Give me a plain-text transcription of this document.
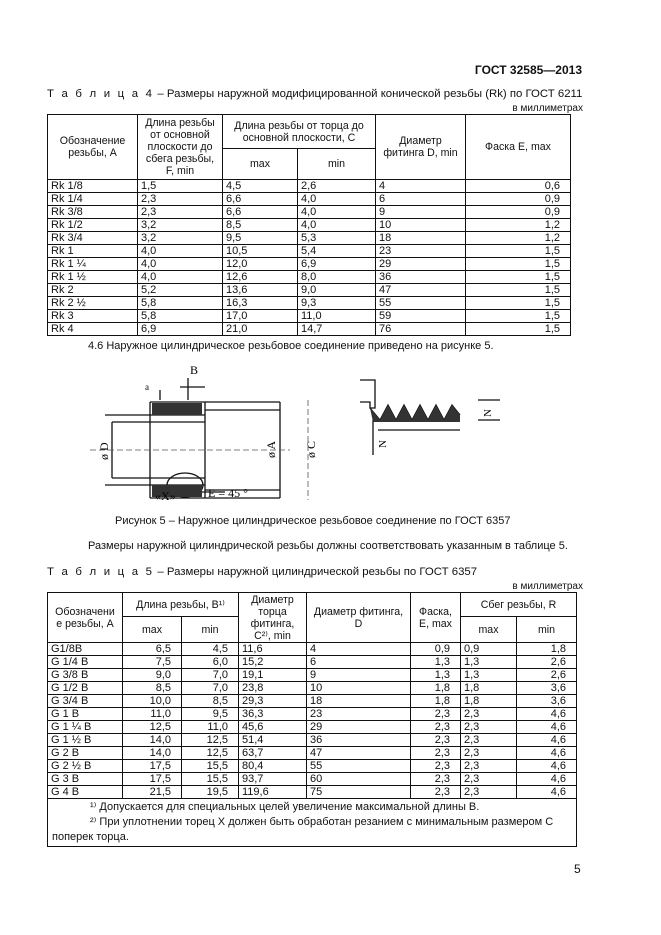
ГОСТ 32585—2013
Т а б л и ц а 4 – Размеры наружной модифицированной конической резьбы (Rk) по ГОСТ 6211
в миллиметрах
Обозначение резьбы, A	Длина резьбы от основной плоскости до сбега резьбы, F, min	Длина резьбы от торца до основной плоскости, C		Диаметр фитинга D, min	Фаска E, max
		max	min		
Rk 1/8	1,5	4,5	2,6	4	0,6
Rk 1/4	2,3	6,6	4,0	6	0,9
Rk 3/8	2,3	6,6	4,0	9	0,9
Rk 1/2	3,2	8,5	4,0	10	1,2
Rk 3/4	3,2	9,5	5,3	18	1,2
Rk 1	4,0	10,5	5,4	23	1,5
Rk 1 ¼	4,0	12,0	6,9	29	1,5
Rk 1 ½	4,0	12,6	8,0	36	1,5
Rk 2	5,2	13,6	9,0	47	1,5
Rk 2 ½	5,8	16,3	9,3	55	1,5
Rk 3	5,8	17,0	11,0	59	1,5
Rk 4	6,9	21,0	14,7	76	1,5
4.6 Наружное цилиндрическое резьбовое соединение приведено на рисунке 5.
B
a
ø D	ø A ø C
«X»	E = 45 °
N
N
Рисунок 5 – Наружное цилиндрическое резьбовое соединение по ГОСТ 6357
Размеры наружной цилиндрической резьбы должны соответствовать указанным в таблице 5.
Т а б л и ц а 5 – Размеры наружной цилиндрической резьбы по ГОСТ 6357
в миллиметрах
Обозначени е резьбы, A	Длина резьбы, B¹⁾		Диаметр торца фитинга, C²⁾, min	Диаметр фитинга, D	Фаска, E, max	Сбег резьбы, R	
	max	min				max	min
G1/8B	6,5	4,5	11,6	4	0,9	0,9	1,8
G 1/4 B	7,5	6,0	15,2	6	1,3	1,3	2,6
G 3/8 B	9,0	7,0	19,1	9	1,3	1,3	2,6
G 1/2 B	8,5	7,0	23,8	10	1,8	1,8	3,6
G 3/4 B	10,0	8,5	29,3	18	1,8	1,8	3,6
G 1 B	11,0	9,5	36,3	23	2,3	2,3	4,6
G 1 ¼ B	12,5	11,0	45,6	29	2,3	2,3	4,6
G 1 ½ B	14,0	12,5	51,4	36	2,3	2,3	4,6
G 2 B	14,0	12,5	63,7	47	2,3	2,3	4,6
G 2 ½ B	17,5	15,5	80,4	55	2,3	2,3	4,6
G 3 B	17,5	15,5	93,7	60	2,3	2,3	4,6
G 4 B	21,5	19,5	119,6	75	2,3	2,3	4,6

¹⁾ Допускается для специальных целей увеличение максимальной длины В.
²⁾ При уплотнении торец Х должен быть обработан резанием с минимальным размером С поперек торца.							
5
